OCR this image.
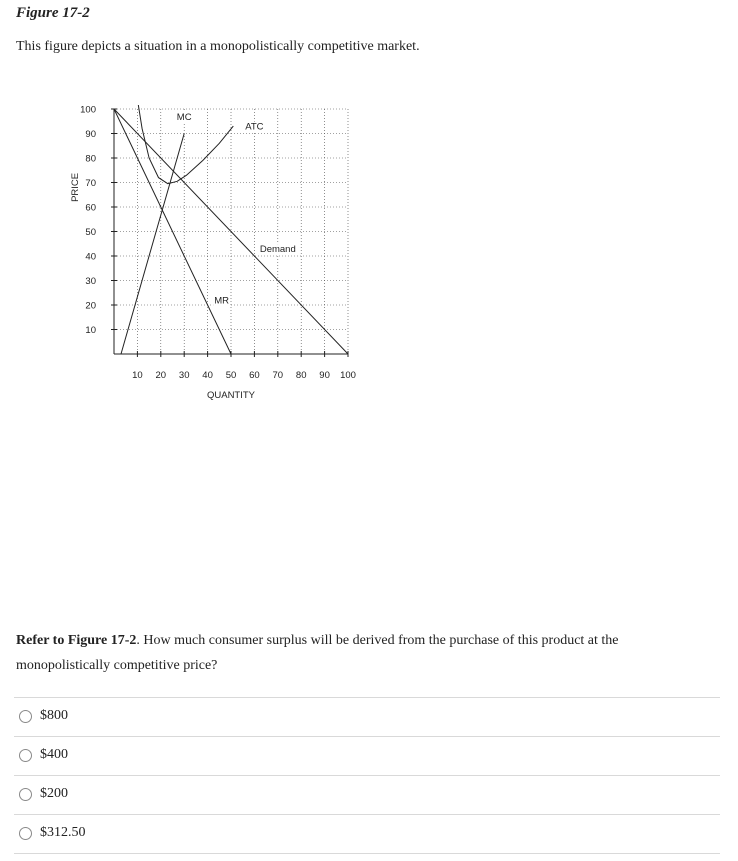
Figure 17-2
This figure depicts a situation in a monopolistically competitive market.
10 20 30 40 50 60 70 80 90 100
10
20
30
40
50
60
70
80
90
100
QUANTITY
PRICE
MC
ATC
Demand
MR
Refer to Figure 17-2. How much consumer surplus will be derived from the purchase of this product at the monopolistically competitive price?
$800
$400
$200
$312.50
